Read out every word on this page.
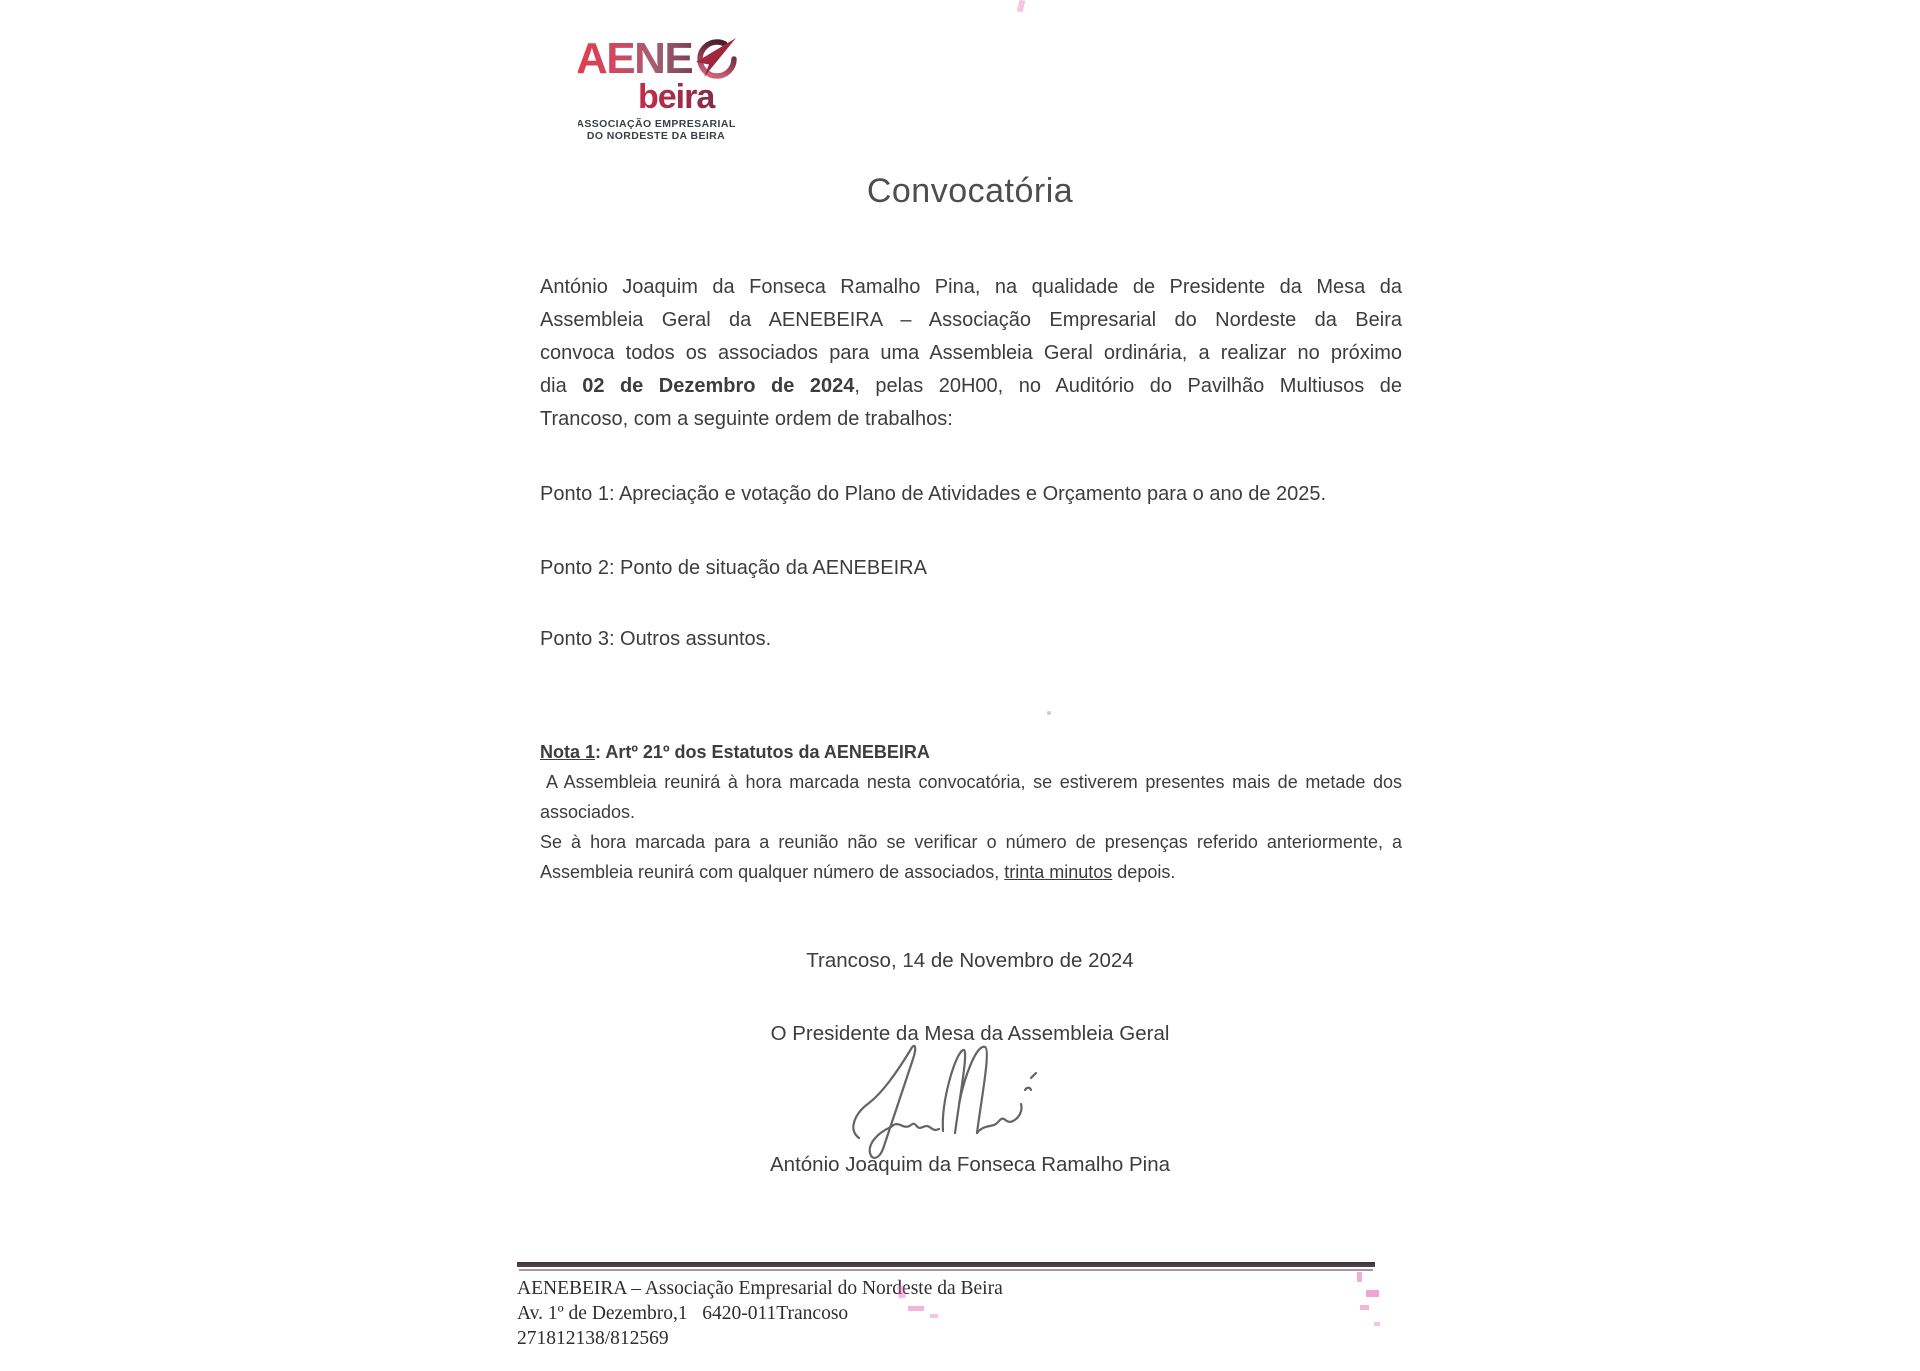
AENE
beira
ASSOCIAÇÃO EMPRESARIAL
DO NORDESTE DA BEIRA
Convocatória
António Joaquim da Fonseca Ramalho Pina, na qualidade de Presidente da Mesa da
Assembleia Geral da AENEBEIRA – Associação Empresarial do Nordeste da Beira
convoca todos os associados para uma Assembleia Geral ordinária, a realizar no próximo
dia 02 de Dezembro de 2024, pelas 20H00, no Auditório do Pavilhão Multiusos de
Trancoso, com a seguinte ordem de trabalhos:
Ponto 1: Apreciação e votação do Plano de Atividades e Orçamento para o ano de 2025.
Ponto 2: Ponto de situação da AENEBEIRA
Ponto 3: Outros assuntos.
Nota 1: Artº 21º dos Estatutos da AENEBEIRA
A Assembleia reunirá à hora marcada nesta convocatória, se estiverem presentes mais de metade dos
associados.
Se à hora marcada para a reunião não se verificar o número de presenças referido anteriormente, a
Assembleia reunirá com qualquer número de associados, trinta minutos depois.
Trancoso, 14 de Novembro de 2024
O Presidente da Mesa da Assembleia Geral
António Joaquim da Fonseca Ramalho Pina
AENEBEIRA – Associação Empresarial do Nordeste da Beira
Av. 1º de Dezembro,1   6420-011Trancoso
271812138/812569
